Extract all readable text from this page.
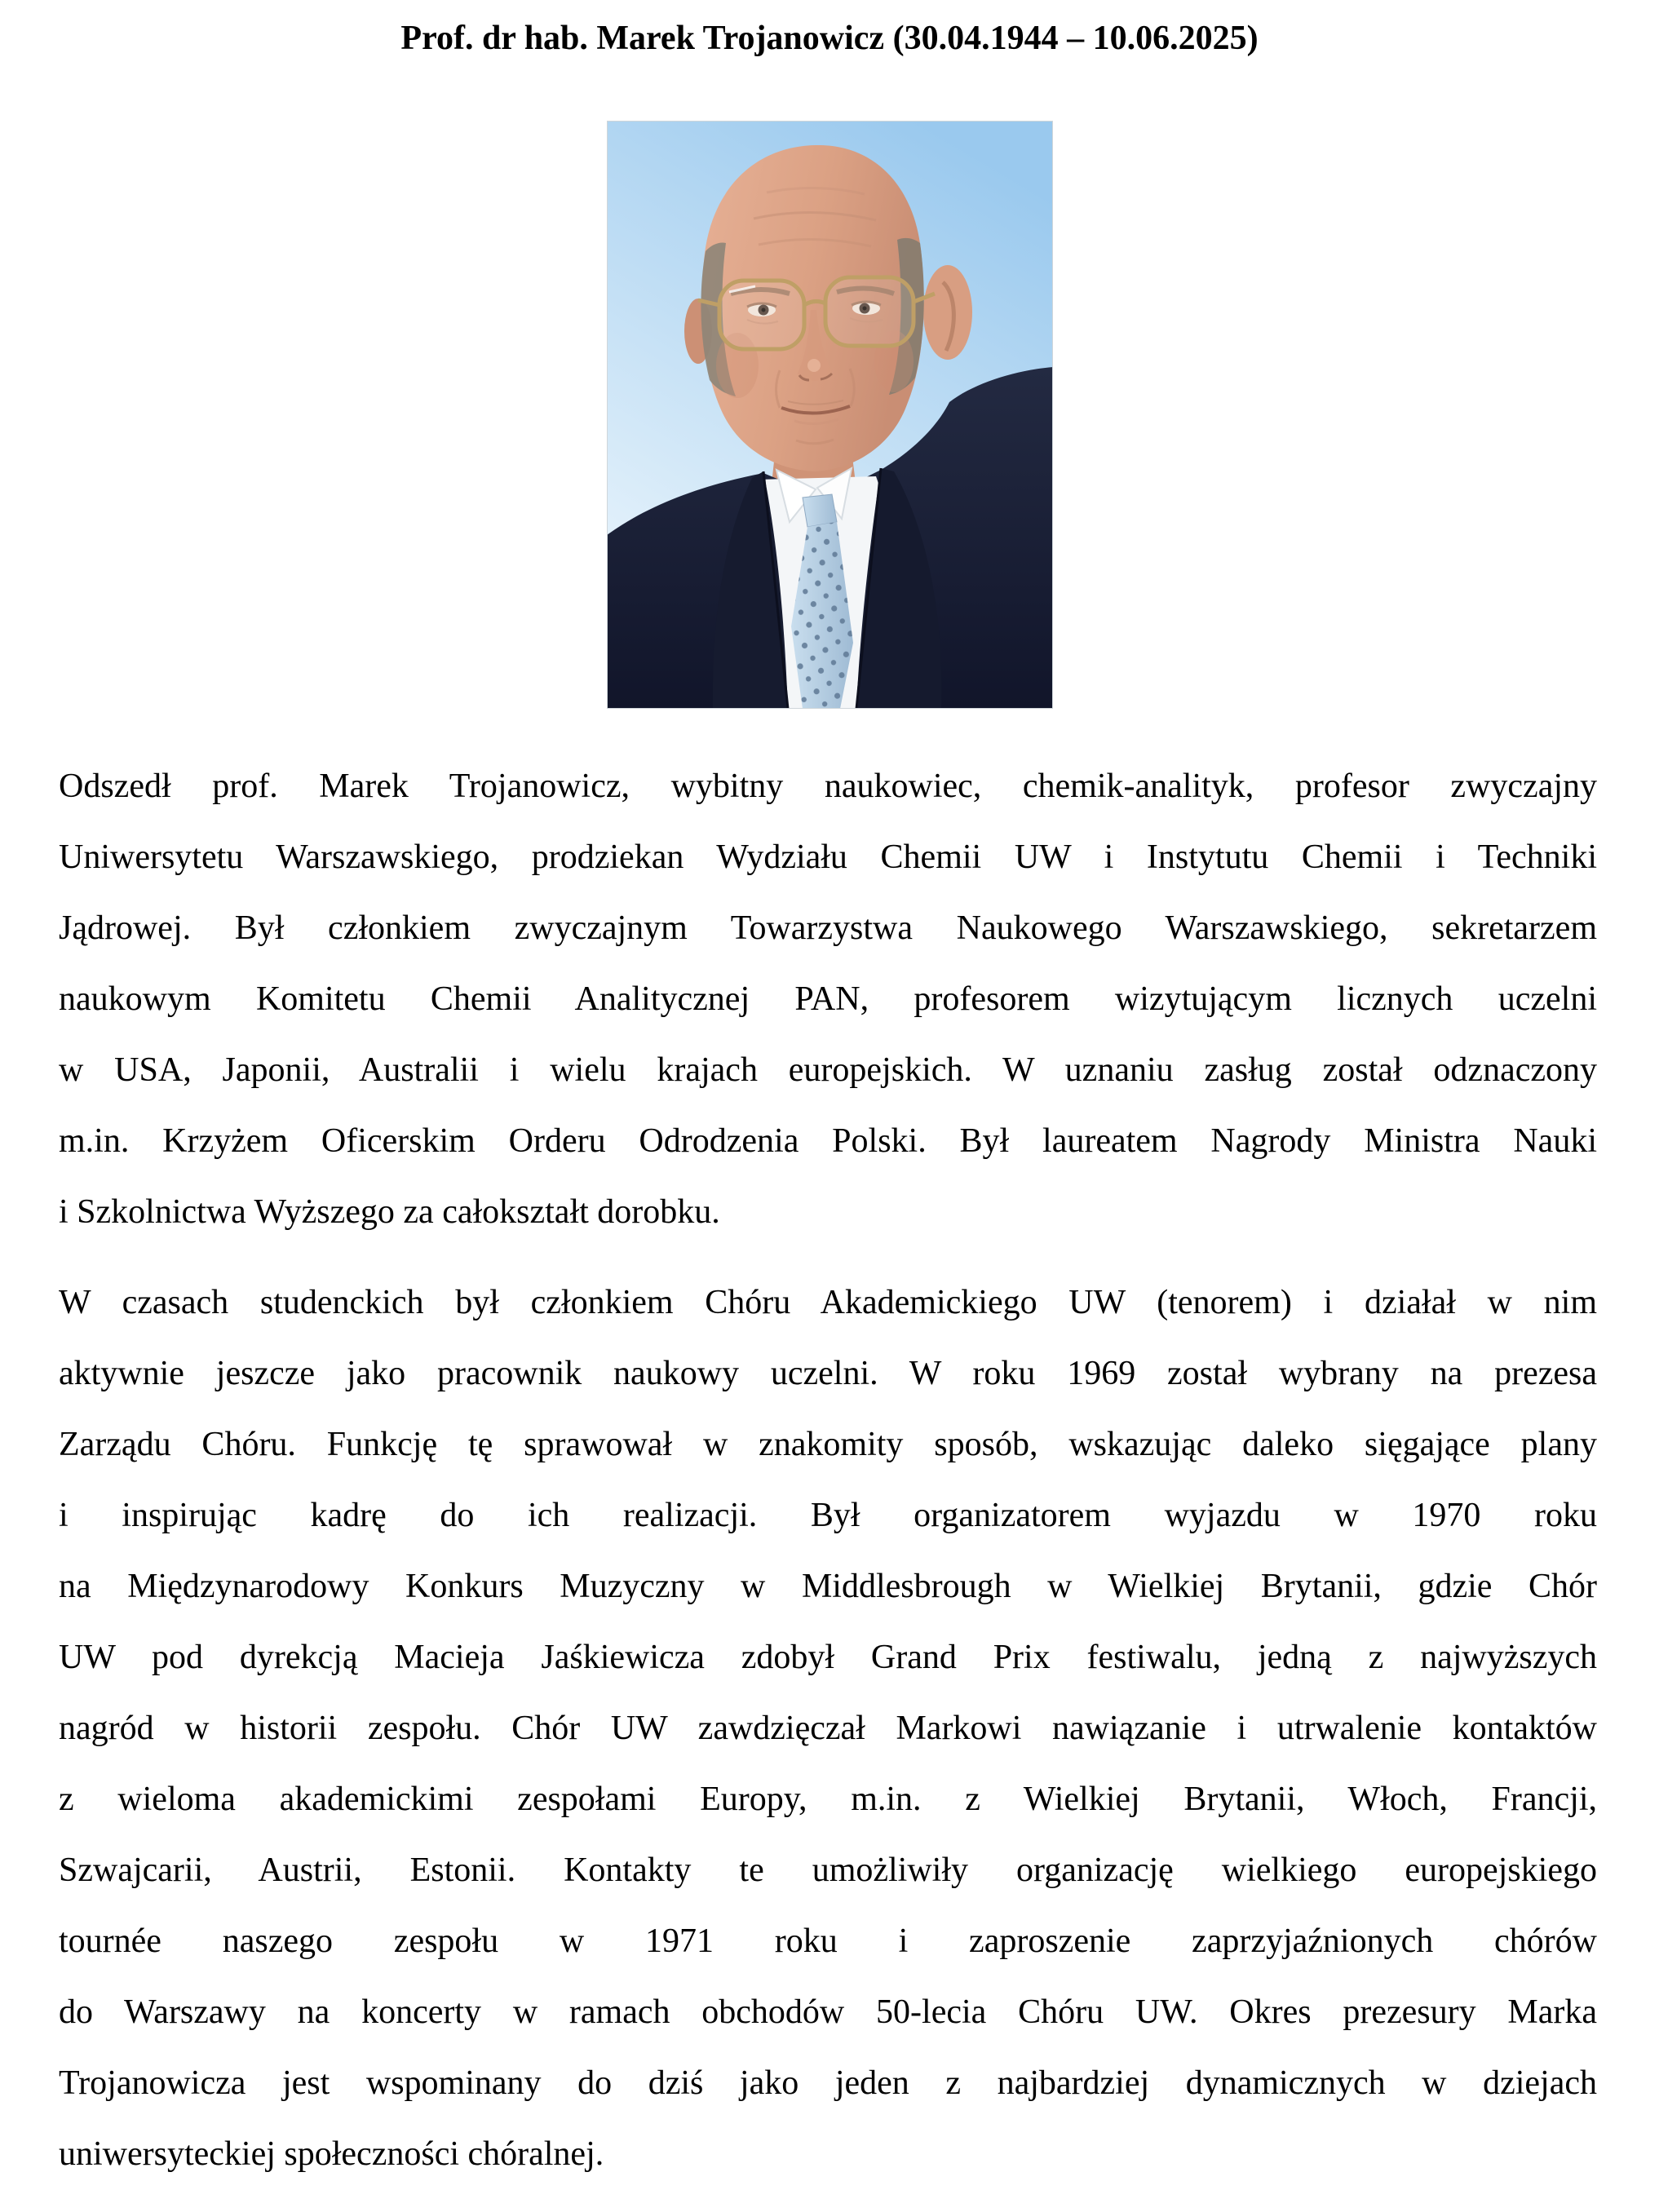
Prof. dr hab. Marek Trojanowicz (30.04.1944 – 10.06.2025)
Odszedł prof. Marek Trojanowicz, wybitny naukowiec, chemik-analityk, profesor zwyczajny
Uniwersytetu Warszawskiego, prodziekan Wydziału Chemii UW i Instytutu Chemii i Techniki
Jądrowej. Był członkiem zwyczajnym Towarzystwa Naukowego Warszawskiego, sekretarzem
naukowym Komitetu Chemii Analitycznej PAN, profesorem wizytującym licznych uczelni
w USA, Japonii, Australii i wielu krajach europejskich. W uznaniu zasług został odznaczony
m.in. Krzyżem Oficerskim Orderu Odrodzenia Polski. Był laureatem Nagrody Ministra Nauki
i Szkolnictwa Wyższego za całokształt dorobku.
W czasach studenckich był członkiem Chóru Akademickiego UW (tenorem) i działał w nim
aktywnie jeszcze jako pracownik naukowy uczelni. W roku 1969 został wybrany na prezesa
Zarządu Chóru. Funkcję tę sprawował w znakomity sposób, wskazując daleko sięgające plany
i inspirując kadrę do ich realizacji. Był organizatorem wyjazdu w 1970 roku
na Międzynarodowy Konkurs Muzyczny w Middlesbrough w Wielkiej Brytanii, gdzie Chór
UW pod dyrekcją Macieja Jaśkiewicza zdobył Grand Prix festiwalu, jedną z najwyższych
nagród w historii zespołu. Chór UW zawdzięczał Markowi nawiązanie i utrwalenie kontaktów
z wieloma akademickimi zespołami Europy, m.in. z Wielkiej Brytanii, Włoch, Francji,
Szwajcarii, Austrii, Estonii. Kontakty te umożliwiły organizację wielkiego europejskiego
tournée naszego zespołu w 1971 roku i zaproszenie zaprzyjaźnionych chórów
do Warszawy na koncerty w ramach obchodów 50-lecia Chóru UW. Okres prezesury Marka
Trojanowicza jest wspominany do dziś jako jeden z najbardziej dynamicznych w dziejach
uniwersyteckiej społeczności chóralnej.
